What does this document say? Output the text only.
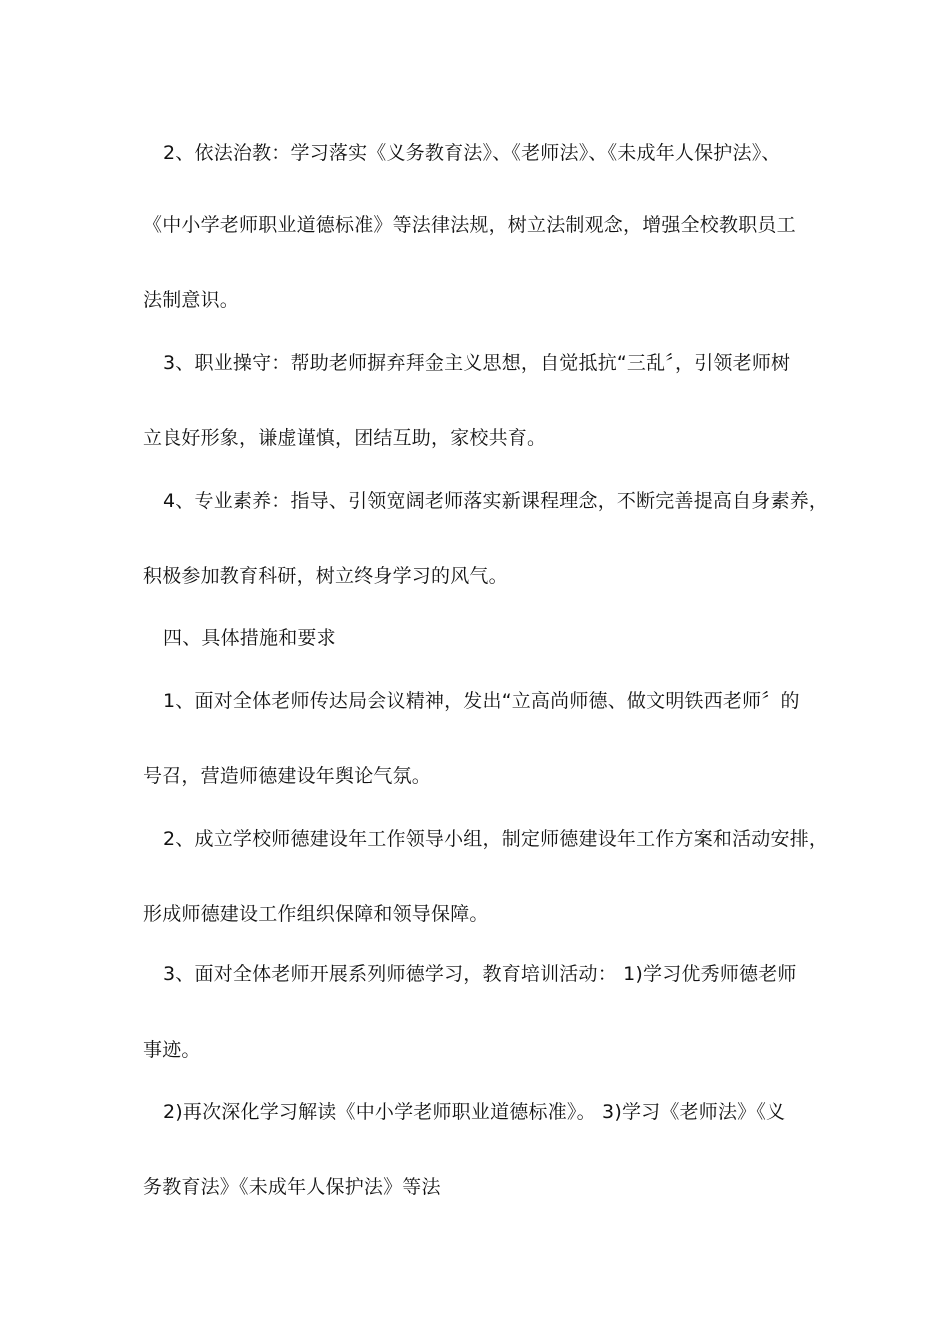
2、依法治教：学习落实《义务教育法》、《老师法》、《未成年人保护法》、
《中小学老师职业道德标准》等法律法规，树立法制观念，增强全校教职员工
法制意识。
3、职业操守：帮助老师摒弃拜金主义思想，自觉抵抗“三乱〞，引领老师树
立良好形象，谦虚谨慎，团结互助，家校共育。
4、专业素养：指导、引领宽阔老师落实新课程理念，不断完善提高自身素养，
积极参加教育科研，树立终身学习的风气。
四、具体措施和要求
1、面对全体老师传达局会议精神，发出“立高尚师德、做文明铁西老师〞的
号召，营造师德建设年舆论气氛。
2、成立学校师德建设年工作领导小组，制定师德建设年工作方案和活动安排，
形成师德建设工作组织保障和领导保障。
3、面对全体老师开展系列师德学习，教育培训活动： 1)学习优秀师德老师
事迹。
2)再次深化学习解读《中小学老师职业道德标准》。 3)学习《老师法》《义
务教育法》《未成年人保护法》等法
